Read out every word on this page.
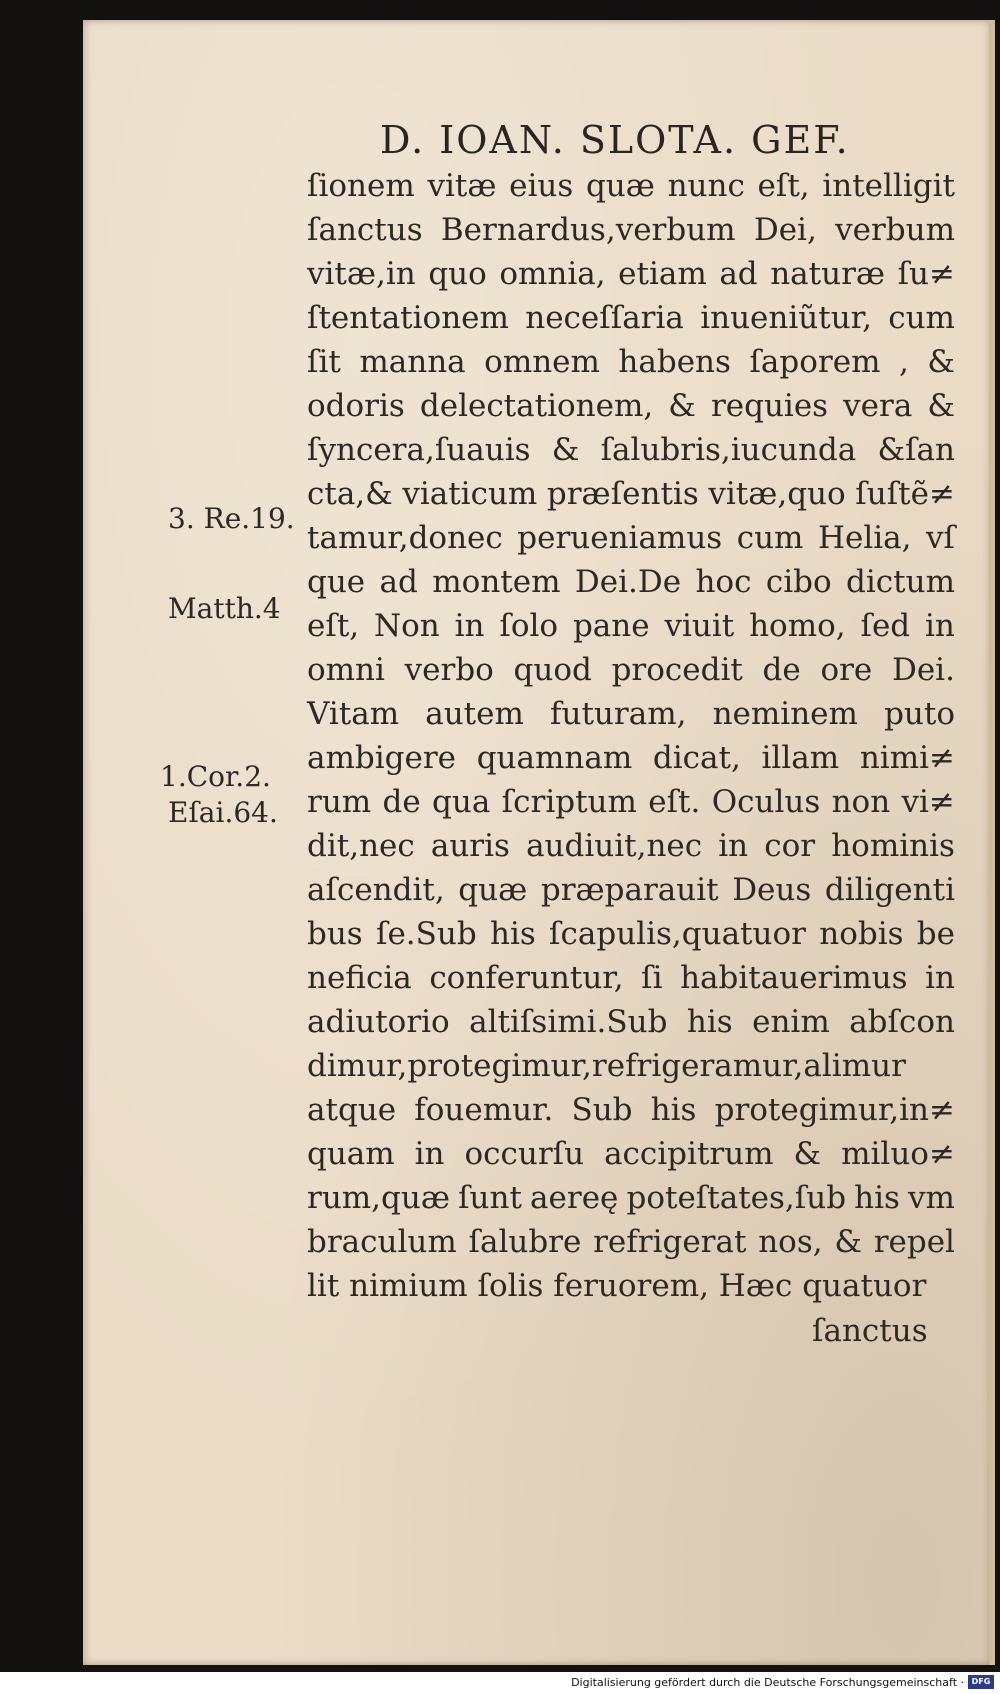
D. IOAN. SLOTA. GEF.
3. Re.19.
Matth.4
1.Cor.2.
Eſai.64.
ſionem vitæ eius quæ nunc eſt, intelligit
ſanctus Bernardus,verbum Dei, verbum
vitæ,in quo omnia, etiam ad naturæ ſu≠
ſtentationem neceſſaria inueniũtur, cum
ſit manna omnem habens ſaporem , &
odoris delectationem, & requies vera &
ſyncera,ſuauis & ſalubris,iucunda &ſan
cta,& viaticum præſentis vitæ,quo ſuſtẽ≠
tamur,donec perueniamus cum Helia, vſ
que ad montem Dei.De hoc cibo dictum
eſt, Non in ſolo pane viuit homo, ſed in
omni verbo quod procedit de ore Dei.
Vitam autem futuram, neminem puto
ambigere quamnam dicat, illam nimi≠
rum de qua ſcriptum eſt. Oculus non vi≠
dit,nec auris audiuit,nec in cor hominis
aſcendit, quæ præparauit Deus diligenti
bus ſe.Sub his ſcapulis,quatuor nobis be
neficia conferuntur, ſi habitauerimus in
adiutorio altiſsimi.Sub his enim abſcon
dimur,protegimur,refrigeramur,alimur
atque fouemur. Sub his protegimur,in≠
quam in occurſu accipitrum & miluo≠
rum,quæ ſunt aereę poteſtates,ſub his vm
braculum ſalubre refrigerat nos, & repel
lit nimium ſolis feruorem, Hæc quatuor
ſanctus
Digitalisierung gefördert durch die Deutsche Forschungsgemeinschaft · DFG
